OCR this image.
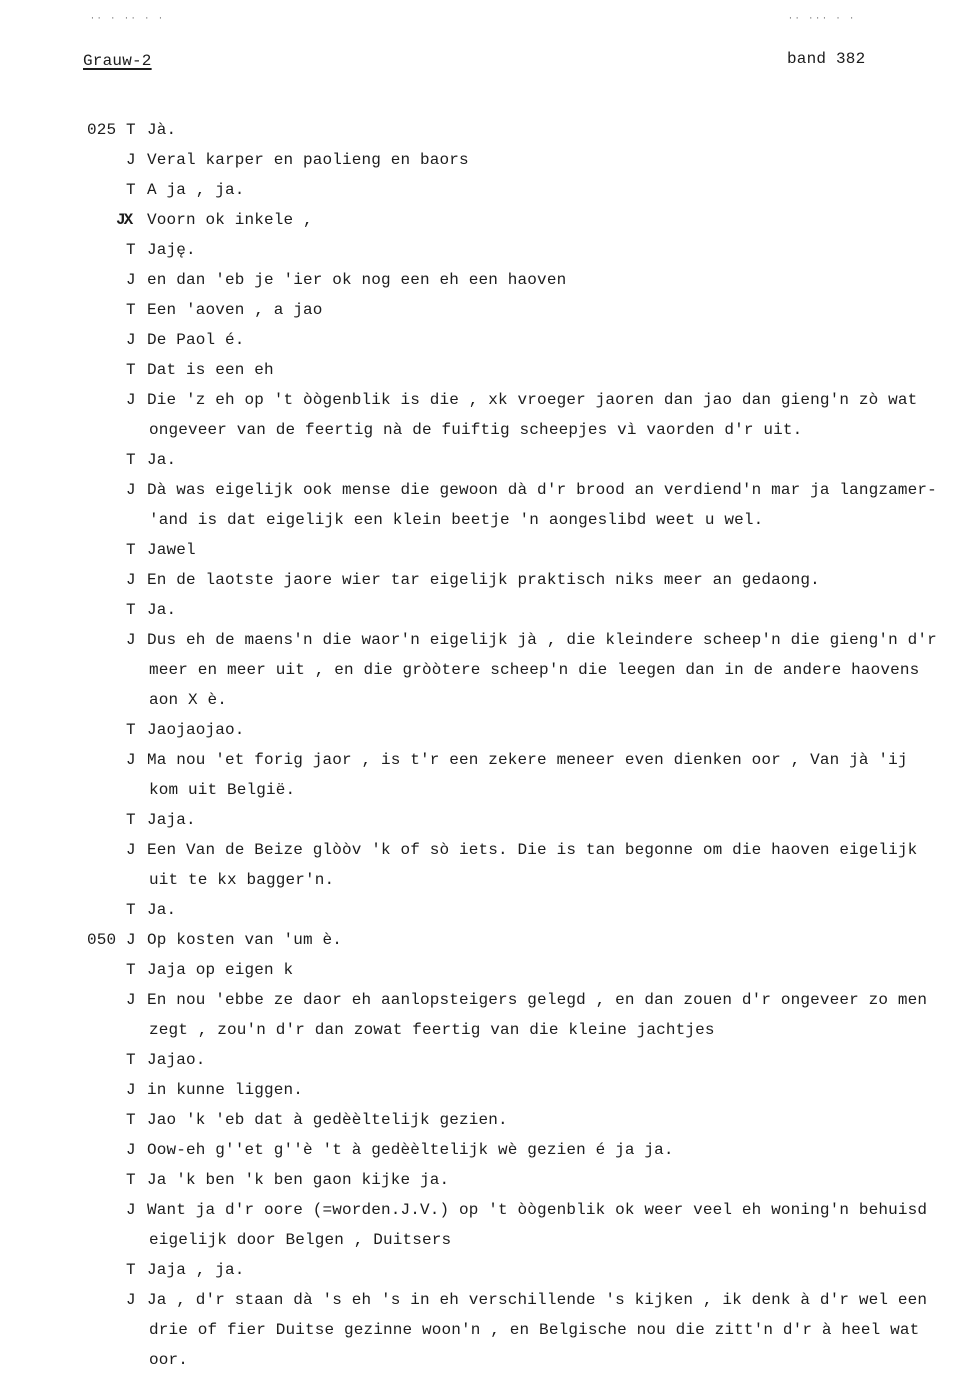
·· · ·· · ·	·· ··· · ·
Grauw-2	band 382
025 T Jà.
J Veral karper en paolieng en baors
T A ja , ja.
JX Voorn ok inkele ,
T Jaję.
J en dan 'eb je 'ier ok nog een eh een haoven
T Een 'aoven , a jao
J De Paol é.
T Dat is een eh
J Die 'z eh op 't òògenblik is die , xk vroeger jaoren dan jao dan gieng'n zò wat
ongeveer van de feertig nà de fuiftig scheepjes vì vaorden d'r uit.
T Ja.
J Dà was eigelijk ook mense die gewoon dà d'r brood an verdiend'n mar ja langzamer-
'and is dat eigelijk een klein beetje 'n aongeslibd weet u wel.
T Jawel
J En de laotste jaore wier tar eigelijk praktisch niks meer an gedaong.
T Ja.
J Dus eh de maens'n die waor'n eigelijk jà , die kleindere scheep'n die gieng'n d'r
meer en meer uit , en die gròòtere scheep'n die leegen dan in de andere haovens
aon X è.
T Jaojaojao.
J Ma nou 'et forig jaor , is t'r een zekere meneer even dienken oor , Van jà 'ij
kom uit België.
T Jaja.
J Een Van de Beize glòòv 'k of sò iets. Die is tan begonne om die haoven eigelijk
uit te kx bagger'n.
T Ja.
050 J Op kosten van 'um è.
T Jaja op eigen k
J En nou 'ebbe ze daor eh aanlopsteigers gelegd , en dan zouen d'r ongeveer zo men
zegt , zou'n d'r dan zowat feertig van die kleine jachtjes
T Jajao.
J in kunne liggen.
T Jao 'k 'eb dat à gedèèltelijk gezien.
J Oow-eh g''et g''è 't à gedèèltelijk wè gezien é ja ja.
T Ja 'k ben 'k ben gaon kijke ja.
J Want ja d'r oore (=worden.J.V.) op 't òògenblik ok weer veel eh woning'n behuisd
eigelijk door Belgen , Duitsers
T Jaja , ja.
J Ja , d'r staan dà 's eh 's in eh verschillende 's kijken , ik denk à d'r wel een
drie of fier Duitse gezinne woon'n , en Belgische nou die zitt'n d'r à heel wat
oor.
